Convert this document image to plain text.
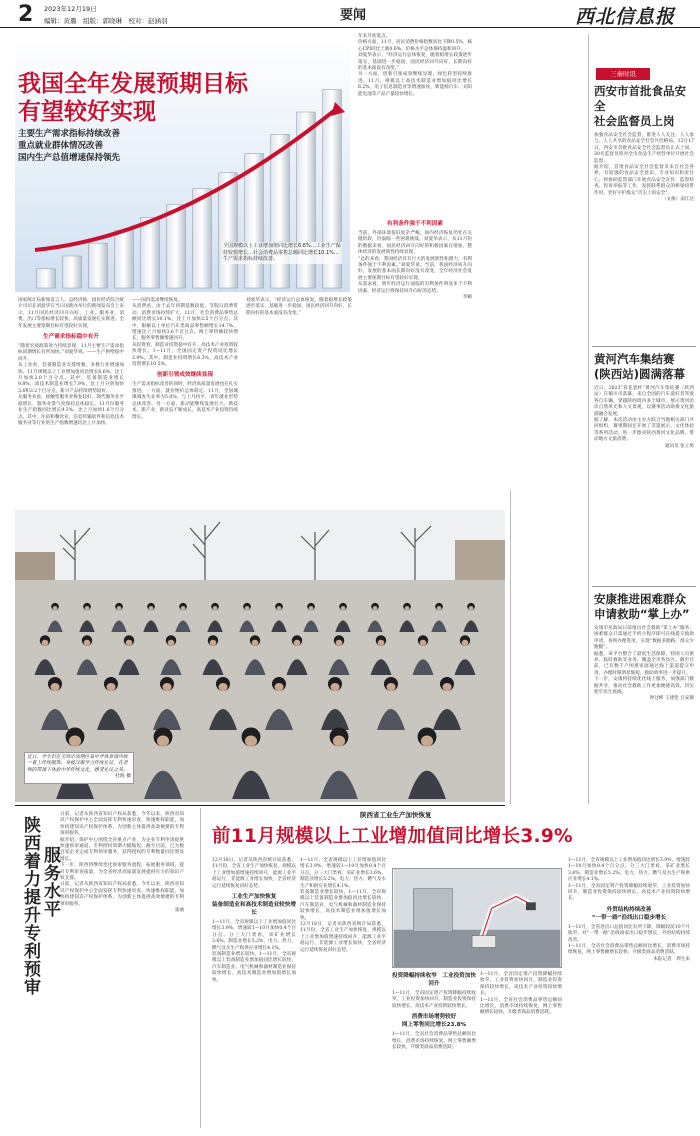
2 2023年12月19日
编辑：黄璐　组版：郭晓琳　校对：赵涵羽	要闻	西北信息报
我国全年发展预期目标
有望较好实现
主要生产需求指标持续改善
重点就业群体情况改善
国内生产总值增速保持领先
全国规模以上工业增加值同比增长6.6%…工业生产保持较快增长…社会消费品零售总额同比增长10.1%…生产需求指标持续改善。

国家统计局新闻发言人、总经济师，国民经济综合统计司司长刘爱华在当日国新办举行的新闻发布会上表示，11月国民经济回升向好，工业、服务业、消费、出口等指标增长较快，高质量发展扎实推进。全年发展主要预期目标有望较好实现。

生产需求指标稳中有升

“随着宏观政策效力持续显现，11月主要生产需求指标同期增长有所加快。”刘爱华说。——生产供给稳中回升。

从工业看，装备制造业支撑增强，多数行业增速加快。11月规模以上工业增加值同比增长6.6%，比上月加快2.0个百分点。其中，装备制造业增长9.8%，高技术制造业增长7.9%，比上月分别加快3.6和3.2个百分点。新兴产品持续增势较好。

从服务业看，接触型服务业恢复较好。现代服务业平稳增长，服务业景气度保持总体稳定。11月份服务业生产指数同比增长9.3%，比上月加快1.6个百分点。其中，住宿和餐饮业、信息传输软件和信息技术服务业等行业的生产指数增速均比上月加快。

——国内需求继续恢复。

从消费看，由于去年同期基数较低，节假日消费带动，消费市场持续扩大。11月，社会消费品零售总额同比增长10.1%，比上月加快2.5个百分点。其中，限额以上单位汽车类商品零售额增长14.7%，增速比上月加快3.6个百分点。网上零售额较快增长，服务零售额增速回升。

从投资看，制造业投资稳中有升，高技术产业投资较快增长。1—11月，全国固定资产投资同比增长2.9%。其中，制造业投资增长6.3%，高技术产业投资增长10.5%。

创新引领成效继续显现

生产需求指标改善的同时，经济高质量发展也在扎实推进。一方面，就业物价总体稳定。11月，全国城镇调查失业率为5.0%，与上月持平，青年就业形势总体改善。另一方面，新动能继续发展壮大，新技术、新产业、新业态不断成长，高技术产业投资持续增长。

年来月度低点。

价格方面，11月，居民消费价格指数同比下降0.5%，核心CPI同比上涨0.6%，价格水平总体保持温和回升。

刘爱华表示，“经济运行总体恢复，随着稳增长政策逐步落实，基础进一步稳固，国民经济回升向好，长期向好的基本面没有改变。”

另一方面，创新引领成效继续显现，绿色转型持续推进。11月，规模以上高技术制造业增加值同比增长6.2%，电子信息制造业等增速加快，新能源汽车、太阳能电池等产品产量较快增长。

刘爱华表示，“经济运行总体恢复，随着稳增长政策逐步落实，基础进一步稳固，国民经济回升向好，长期向好的基本面没有改变。”

有利条件强于不利因素

当前，外部环境依旧复杂严峻，国内经济恢复仍处在关键阶段，仍面临一些困难挑战。刘爱华表示，从11月份的数据来看，国民经济回升向好的积极因素在增加，整体经济的发展韧性持续显现。

“总的来看，我国经济具有巨大的发展韧性和潜力，有利条件强于不利因素。”刘爱华说，当前，我国经济回升向好，发展的基本面长期向好没有改变，全年经济社会发展主要预期目标有望较好实现。

从需求看，明年经济运行面临的有利条件明显多于不利因素，经济运行将保持回升向好的态势。

李颖

三秦时讯
西安市首批食品安全
社会监督员上岗

加强食品安全社会监督，推进人人关注、人人参与、人人共享的食品安全社会共治格局。12月17日，西安市首批食品安全社会监督员正式上岗，20名监督员将对全市食品生产经营单位开展社会监督。

据介绍，首批食品安全社会监督员来自社会各界，有较强的食品安全意识、专业知识和责任心，将协助监管部门开展食品安全宣传、监督检查、投诉举报等工作，发挥联系群众的桥梁纽带作用，更好守护群众“舌尖上的安全”。

（文俊）南江达

黄河汽车集结赛
(陕西站)圆满落幕

近日，2023“青花瓷杯”黄河汽车集结赛（陕西站）在铜川市落幕。来自全国的汽车爱好者驾驶各自车辆，穿越陕西境内多个城市，展示黄河沿岸自然风光和人文景观，以赛事活动助推文化旅游融合发展。

据了解，本次活动由主办方联合当地相关部门共同组织，赛事期间还开展了非遗展示、文化体验等系列活动，进一步擦亮陕西黄河文化品牌，带动地方文旅消费。

通讯员 张立勇

安康推进困难群众
申请救助“掌上办”

安康市民政局日前推出社会救助“掌上办”服务，困难群众只需通过手机小程序即可在线提交救助申请，查询办理进度，实现“数据多跑路、群众少跑腿”。

据悉，该平台整合了最低生活保障、特困人员供养、临时救助等业务，覆盖全市各县区。截至目前，已有数千户困难家庭通过线上渠道提交申请，办理时限明显缩短，救助效率进一步提升。

下一步，安康将持续优化线上服务，加强部门数据共享，推动社会救助工作更加便捷高效，切实兜牢民生底线。

钟达彬 王建伦 吕安静

近日，学生们在宝鸡市凤翔区某中学体育馆内统一着上传统服饰，身披汉服学习传统礼仪，在老师的带领下体验中华传统文化，感受礼仪之美。
杜海 摄
陕西着力提升专利预审 服务水平

日前，记者从陕西省知识产权局获悉，今年以来，陕西省知识产权保护中心全面发挥专利快速审查、快速维权职能，加快构建知识产权保护体系，为创新主体提供高效便捷的专利预审服务。

据介绍，保护中心围绕全省重点产业，为企业专利申请提供快速预审通道，专利授权周期大幅缩短。截至目前，已为数百家企业完成专利预审服务，获得授权的专利数量同比明显增长。

下一步，陕西将继续优化预审服务流程，拓展服务领域，提升专利审查质量，为全省经济高质量发展提供有力的知识产权支撑。

日前，记者从陕西省知识产权局获悉，今年以来，陕西省知识产权保护中心全面发挥专利快速审查、快速维权职能，加快构建知识产权保护体系，为创新主体提供高效便捷的专利预审服务。

张丽

陕西省工业生产加快恢复
前11月规模以上工业增加值同比增长3.9%

12月18日，记者从陕西省统计局获悉，11月份，全省工业生产加快恢复，规模以上工业增加值增速持续回升，能源工业平稳运行，非能源工业增长加快，全省经济运行延续恢复向好态势。

工业生产加快恢复

装备制造业和高技术制造业较快增长

1—11月，全省规模以上工业增加值同比增长3.9%，增速较1—10月加快0.4个百分点。分三大门类看，采矿业增长3.6%，制造业增长5.2%，电力、热力、燃气及水生产和供应业增长4.1%。

装备制造业增长较快，1—11月，全省规模以上装备制造业增加值同比增长较快，汽车制造业、电气机械和器材制造业保持较快增长，高技术制造业增加值增长加快。

1—11月，全省规模以上工业增加值同比增长3.9%，增速较1—10月加快0.4个百分点。分三大门类看，采矿业增长3.6%，制造业增长5.2%，电力、热力、燃气及水生产和供应业增长4.1%。

装备制造业增长较快，1—11月，全省规模以上装备制造业增加值同比增长较快，汽车制造业、电气机械和器材制造业保持较快增长，高技术制造业增加值增长加快。

12月18日，记者从陕西省统计局获悉，11月份，全省工业生产加快恢复，规模以上工业增加值增速持续回升，能源工业平稳运行，非能源工业增长加快，全省经济运行延续恢复向好态势。

投资降幅持续收窄　工业投资加快回升

1—11月，全省固定资产投资降幅持续收窄，工业投资加快回升，制造业投资保持较快增长，高技术产业投资较快增长。

消费市场增势较好
网上零售同比增长23.8%

1—11月，全省社会消费品零售总额同比增长，消费市场持续恢复，网上零售额增长较快，升级类商品消费活跃。

1—11月，全省固定资产投资降幅持续收窄，工业投资加快回升，制造业投资保持较快增长，高技术产业投资较快增长。

1—11月，全省社会消费品零售总额同比增长，消费市场持续恢复，网上零售额增长较快，升级类商品消费活跃。

1—11月，全省规模以上工业增加值同比增长3.9%，增速较1—10月加快0.4个百分点。分三大门类看，采矿业增长3.6%，制造业增长5.2%，电力、热力、燃气及水生产和供应业增长4.1%。

1—11月，全省固定资产投资降幅持续收窄，工业投资加快回升，制造业投资保持较快增长，高技术产业投资较快增长。

外贸结构持续改善
“一带一路”沿线出口稳步增长

1—11月，全省进出口总值同比有所下降，降幅较前10个月收窄。对“一带一路”沿线国家出口稳步增长，外贸结构持续改善。

1—11月，全省社会消费品零售总额同比增长，消费市场持续恢复，网上零售额增长较快，升级类商品消费活跃。

本报记者　周生来
